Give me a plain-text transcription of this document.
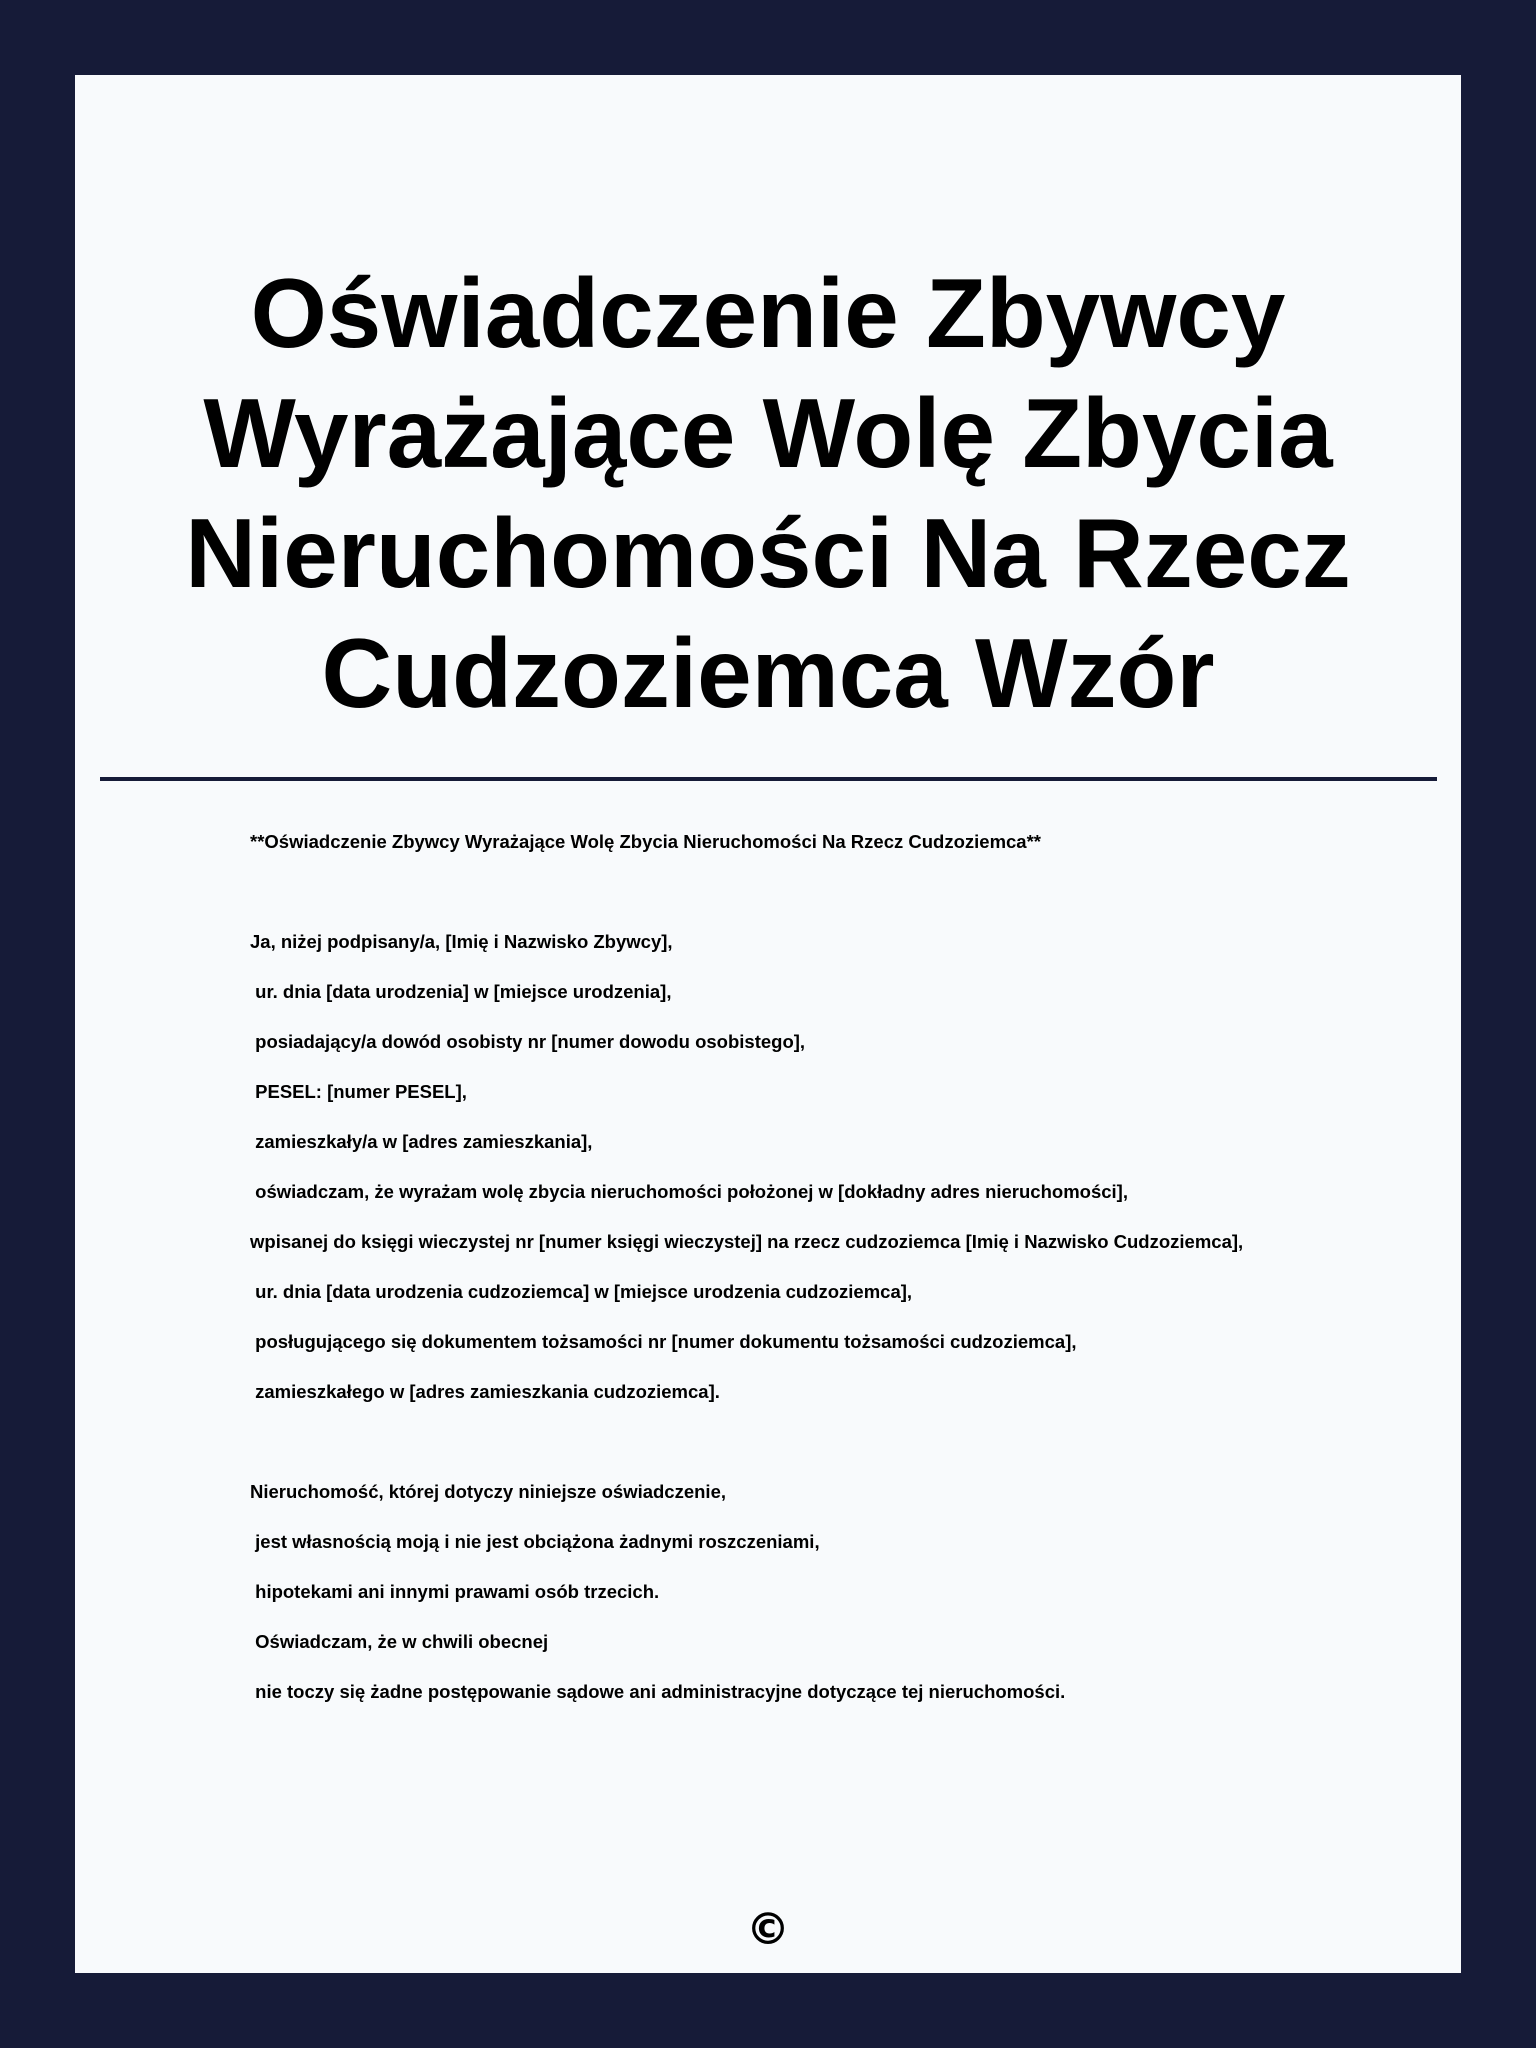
Oświadczenie Zbywcy Wyrażające Wolę Zbycia Nieruchomości Na Rzecz Cudzoziemca Wzór
**Oświadczenie Zbywcy Wyrażające Wolę Zbycia Nieruchomości Na Rzecz Cudzoziemca**
Ja, niżej podpisany/a, [Imię i Nazwisko Zbywcy],
ur. dnia [data urodzenia] w [miejsce urodzenia],
posiadający/a dowód osobisty nr [numer dowodu osobistego],
PESEL: [numer PESEL],
zamieszkały/a w [adres zamieszkania],
oświadczam, że wyrażam wolę zbycia nieruchomości położonej w [dokładny adres nieruchomości],
wpisanej do księgi wieczystej nr [numer księgi wieczystej] na rzecz cudzoziemca [Imię i Nazwisko Cudzoziemca],
ur. dnia [data urodzenia cudzoziemca] w [miejsce urodzenia cudzoziemca],
posługującego się dokumentem tożsamości nr [numer dokumentu tożsamości cudzoziemca],
zamieszkałego w [adres zamieszkania cudzoziemca].
Nieruchomość, której dotyczy niniejsze oświadczenie,
jest własnością moją i nie jest obciążona żadnymi roszczeniami,
hipotekami ani innymi prawami osób trzecich.
Oświadczam, że w chwili obecnej
nie toczy się żadne postępowanie sądowe ani administracyjne dotyczące tej nieruchomości.
©
